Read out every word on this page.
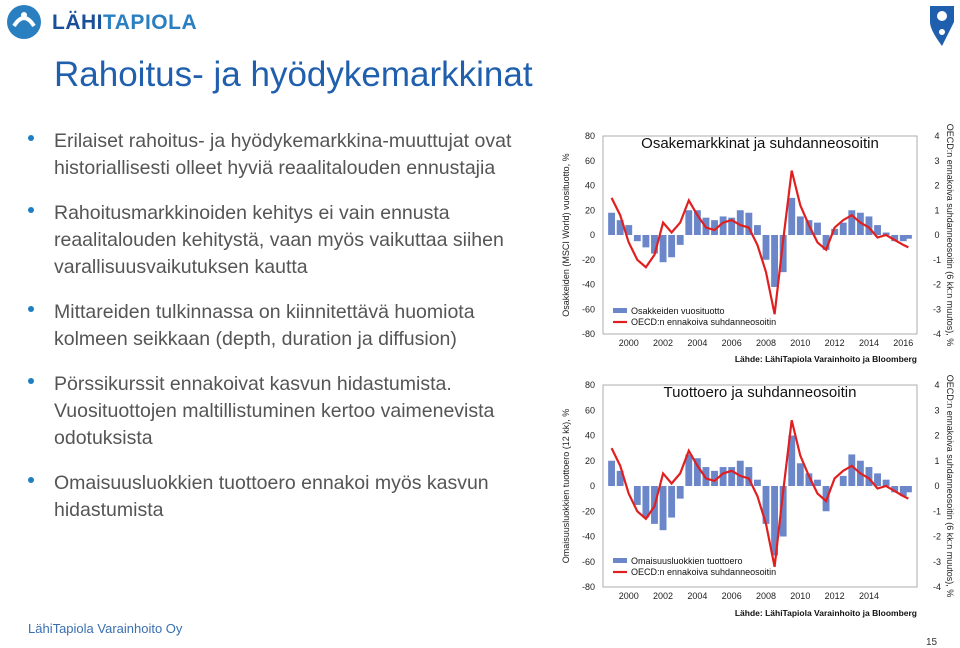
LÄHITAPIOLA
Rahoitus- ja hyödykemarkkinat
Erilaiset rahoitus- ja hyödykemarkkina-muuttujat ovat historiallisesti olleet hyviä reaalitalouden ennustajia
Rahoitusmarkkinoiden kehitys ei vain ennusta reaalitalouden kehitystä, vaan myös vaikuttaa siihen varallisuusvaikutuksen kautta
Mittareiden tulkinnassa on kiinnitettävä huomiota kolmeen seikkaan (depth, duration ja diffusion)
Pörssikurssit ennakoivat kasvun hidastumista. Vuosituottojen maltillistuminen kertoo vaimenevista odotuksista
Omaisuusluokkien tuottoero ennakoi myös kasvun hidastumista
Osakemarkkinat ja suhdanneosoitin
80
60
40
20
0
-20
-40
-60
-80
4
3
2
1
0
-1
-2
-3
-4
2000 2002 2004 2006 2008 2010 2012 2014 2016
Osakkeiden (MSCI World) vuosituotto, %	OECD:n ennakoiva suhdanneosoitin (6 kk:n muutos), %
Osakkeiden vuosituotto
OECD:n ennakoiva suhdanneosoitin
Lähde: LähiTapiola Varainhoito ja Bloomberg
Tuottoero ja suhdanneosoitin
80
60
40
20
0
-20
-40
-60
-80
4
3
2
1
0
-1
-2
-3
-4
2000 2002 2004 2006 2008 2010 2012 2014
Omaisuusluokkien tuottoero (12 kk), %	OECD:n ennakoiva suhdanneosoitin (6 kk:n muutos), %
Omaisuusluokkien tuottoero
OECD:n ennakoiva suhdanneosoitin
Lähde: LähiTapiola Varainhoito ja Bloomberg
LähiTapiola Varainhoito Oy
15
